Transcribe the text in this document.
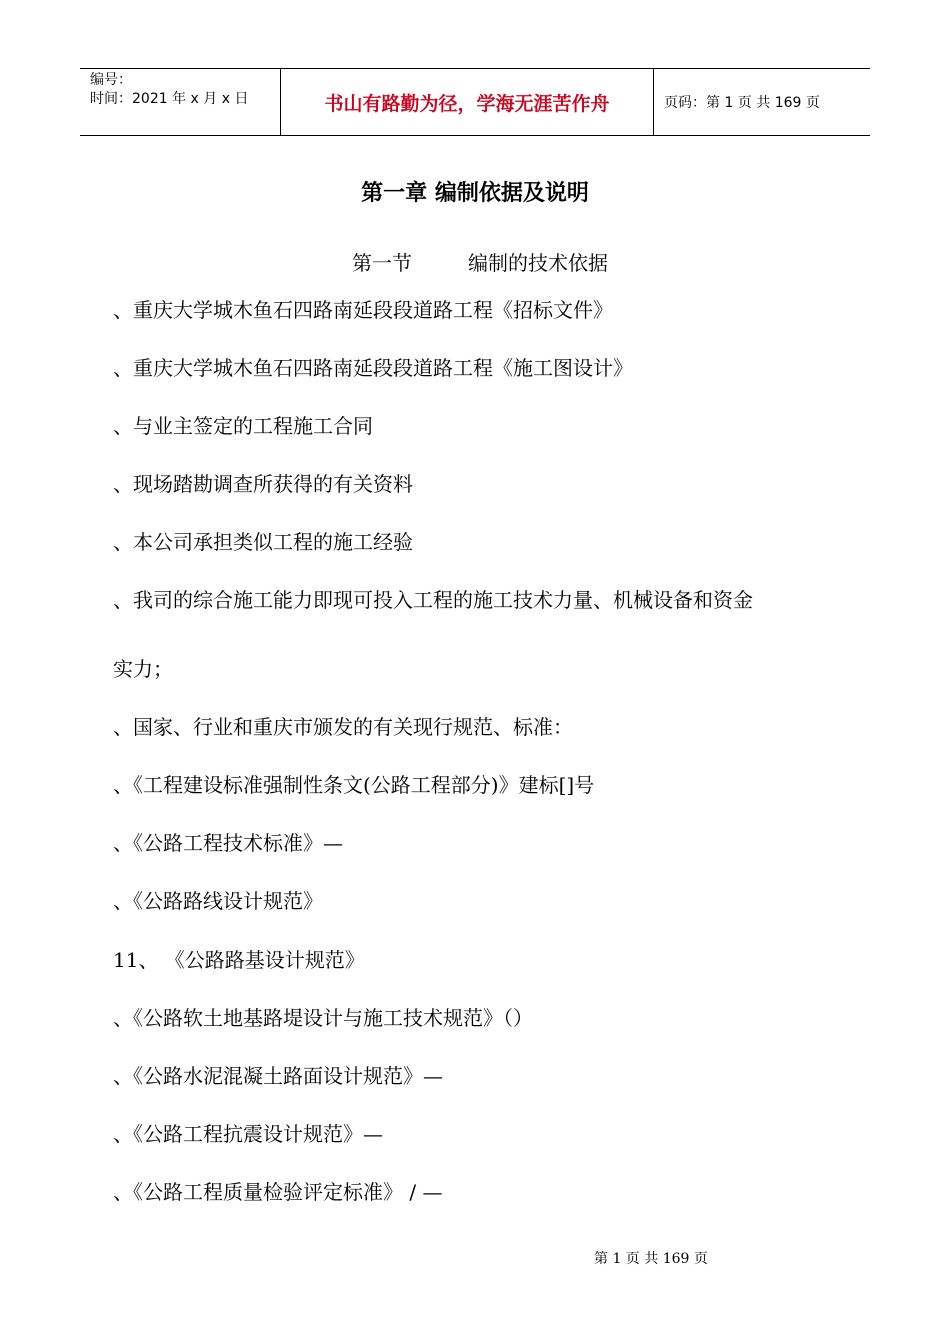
编号：
时间：2021 年 x 月 x 日	书山有路勤为径，学海无涯苦作舟	页码：第 1 页 共 169 页
第一章 编制依据及说明
第一节	编制的技术依据
、重庆大学城木鱼石四路南延段段道路工程《招标文件》
、重庆大学城木鱼石四路南延段段道路工程《施工图设计》
、与业主签定的工程施工合同
、现场踏勘调查所获得的有关资料
、本公司承担类似工程的施工经验
、我司的综合施工能力即现可投入工程的施工技术力量、机械设备和资金
实力；
、国家、行业和重庆市颁发的有关现行规范、标准：
、《工程建设标准强制性条文(公路工程部分)》建标[]号
、《公路工程技术标准》—
、《公路路线设计规范》
11、 《公路路基设计规范》
、《公路软土地基路堤设计与施工技术规范》（）
、《公路水泥混凝土路面设计规范》—
、《公路工程抗震设计规范》—
、《公路工程质量检验评定标准》 / —
第 1 页 共 169 页
